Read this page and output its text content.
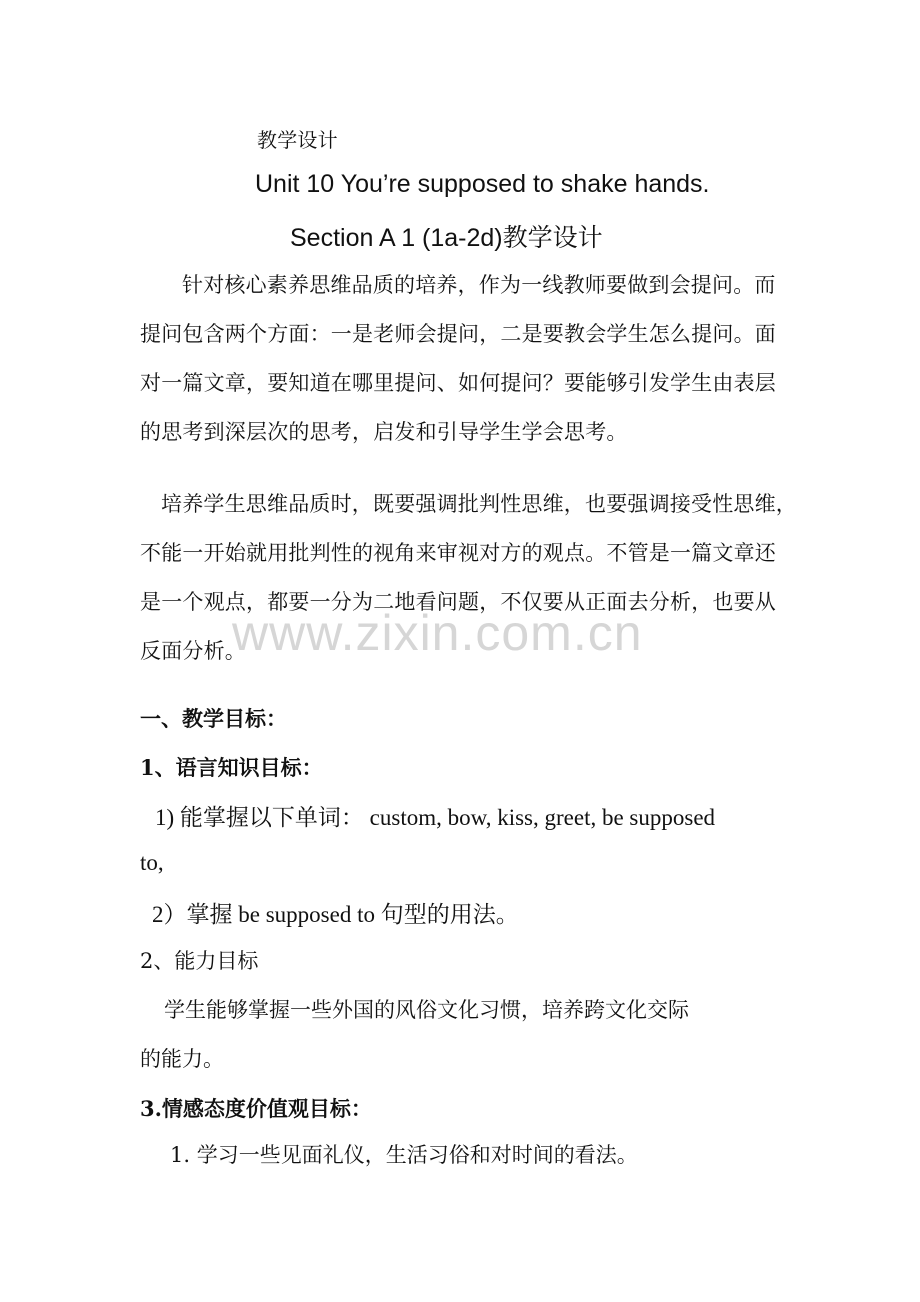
www.zixin.com.cn

教学设计

Unit 10 You’re supposed to shake hands.

Section A 1 (1a-2d)教学设计

针对核心素养思维品质的培养，作为一线教师要做到会提问。而

提问包含两个方面：一是老师会提问，二是要教会学生怎么提问。面

对一篇文章，要知道在哪里提问、如何提问？要能够引发学生由表层

的思考到深层次的思考，启发和引导学生学会思考。

培养学生思维品质时，既要强调批判性思维，也要强调接受性思维，

不能一开始就用批判性的视角来审视对方的观点。不管是一篇文章还

是一个观点，都要一分为二地看问题，不仅要从正面去分析，也要从

反面分析。

一、教学目标：

1、语言知识目标：

1) 能掌握以下单词： custom, bow, kiss, greet, be supposed

to,

2）掌握 be supposed to 句型的用法。

2、能力目标

学生能够掌握一些外国的风俗文化习惯，培养跨文化交际

的能力。

3.情感态度价值观目标：

1. 学习一些见面礼仪，生活习俗和对时间的看法。
